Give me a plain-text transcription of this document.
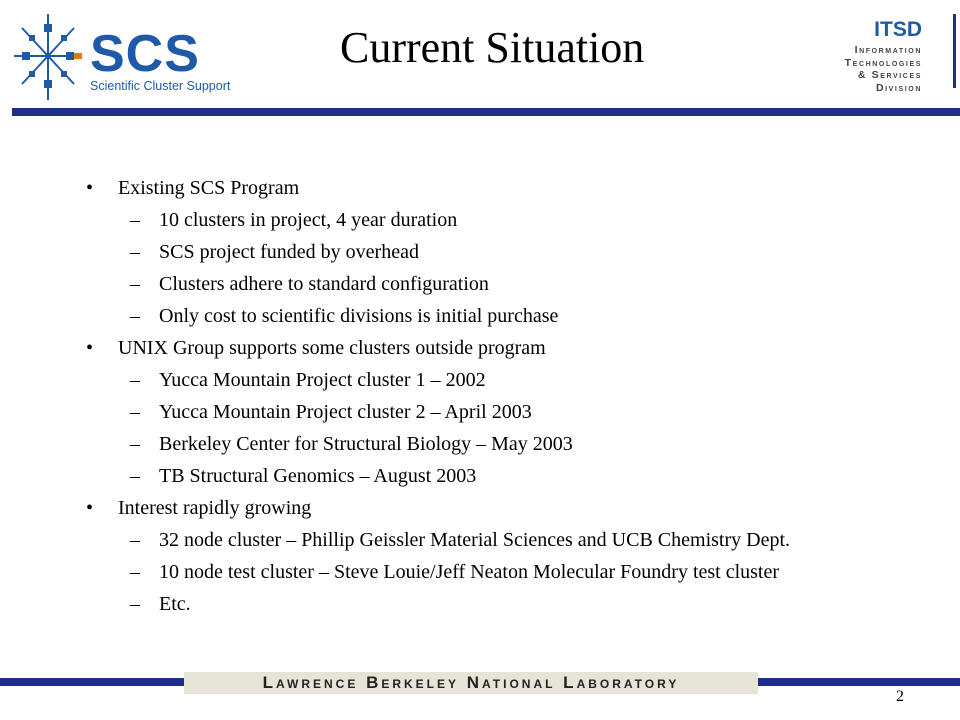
SCS
Scientific Cluster Support
Current Situation	ITSD
Information
Technologies
& Services
Division
• Existing SCS Program
– 10 clusters in project, 4 year duration
– SCS project funded by overhead
– Clusters adhere to standard configuration
– Only cost to scientific divisions is initial purchase
• UNIX Group supports some clusters outside program
– Yucca Mountain Project cluster 1 – 2002
– Yucca Mountain Project cluster 2 – April 2003
– Berkeley Center for Structural Biology – May 2003
– TB Structural Genomics – August 2003
• Interest rapidly growing
– 32 node cluster – Phillip Geissler Material Sciences and UCB Chemistry Dept.
– 10 node test cluster – Steve Louie/Jeff Neaton Molecular Foundry test cluster
– Etc.
Lawrence Berkeley National Laboratory
2
